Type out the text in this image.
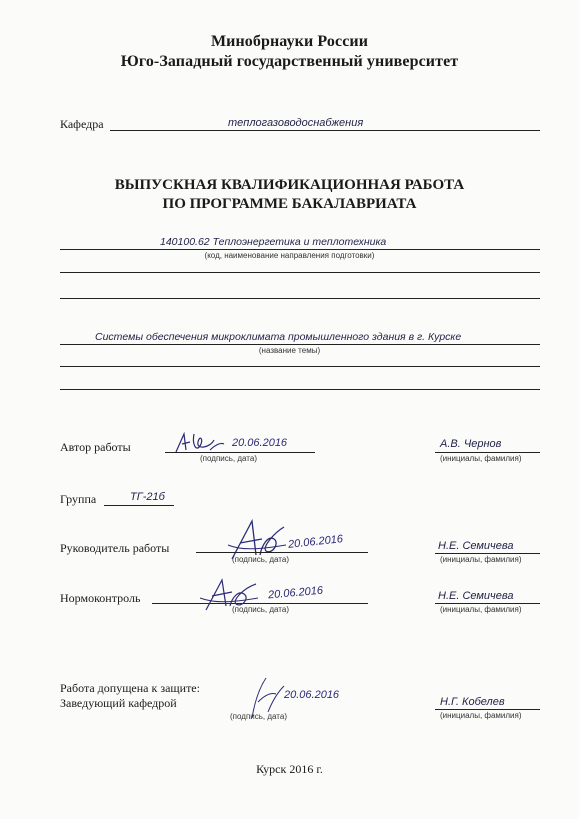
Минобрнауки России
Юго-Западный государственный университет
Кафедра	теплогазоводоснабжения
ВЫПУСКНАЯ КВАЛИФИКАЦИОННАЯ РАБОТА
ПО ПРОГРАММЕ БАКАЛАВРИАТА
140100.62 Теплоэнергетика и теплотехника
(код, наименование направления подготовки)
Системы обеспечения микроклимата промышленного здания в г. Курске
(название темы)
Автор работы	20.06.2016
(подпись, дата)
А.В. Чернов
(инициалы, фамилия)
Группа	ТГ-21б
Руководитель работы	20.06.2016
(подпись, дата)
Н.Е. Семичева
(инициалы, фамилия)
Нормоконтроль	20.06.2016
(подпись, дата)
Н.Е. Семичева
(инициалы, фамилия)
Работа допущена к защите:
Заведующий кафедрой
20.06.2016
(подпись, дата)
Н.Г. Кобелев
(инициалы, фамилия)
Курск 2016 г.
